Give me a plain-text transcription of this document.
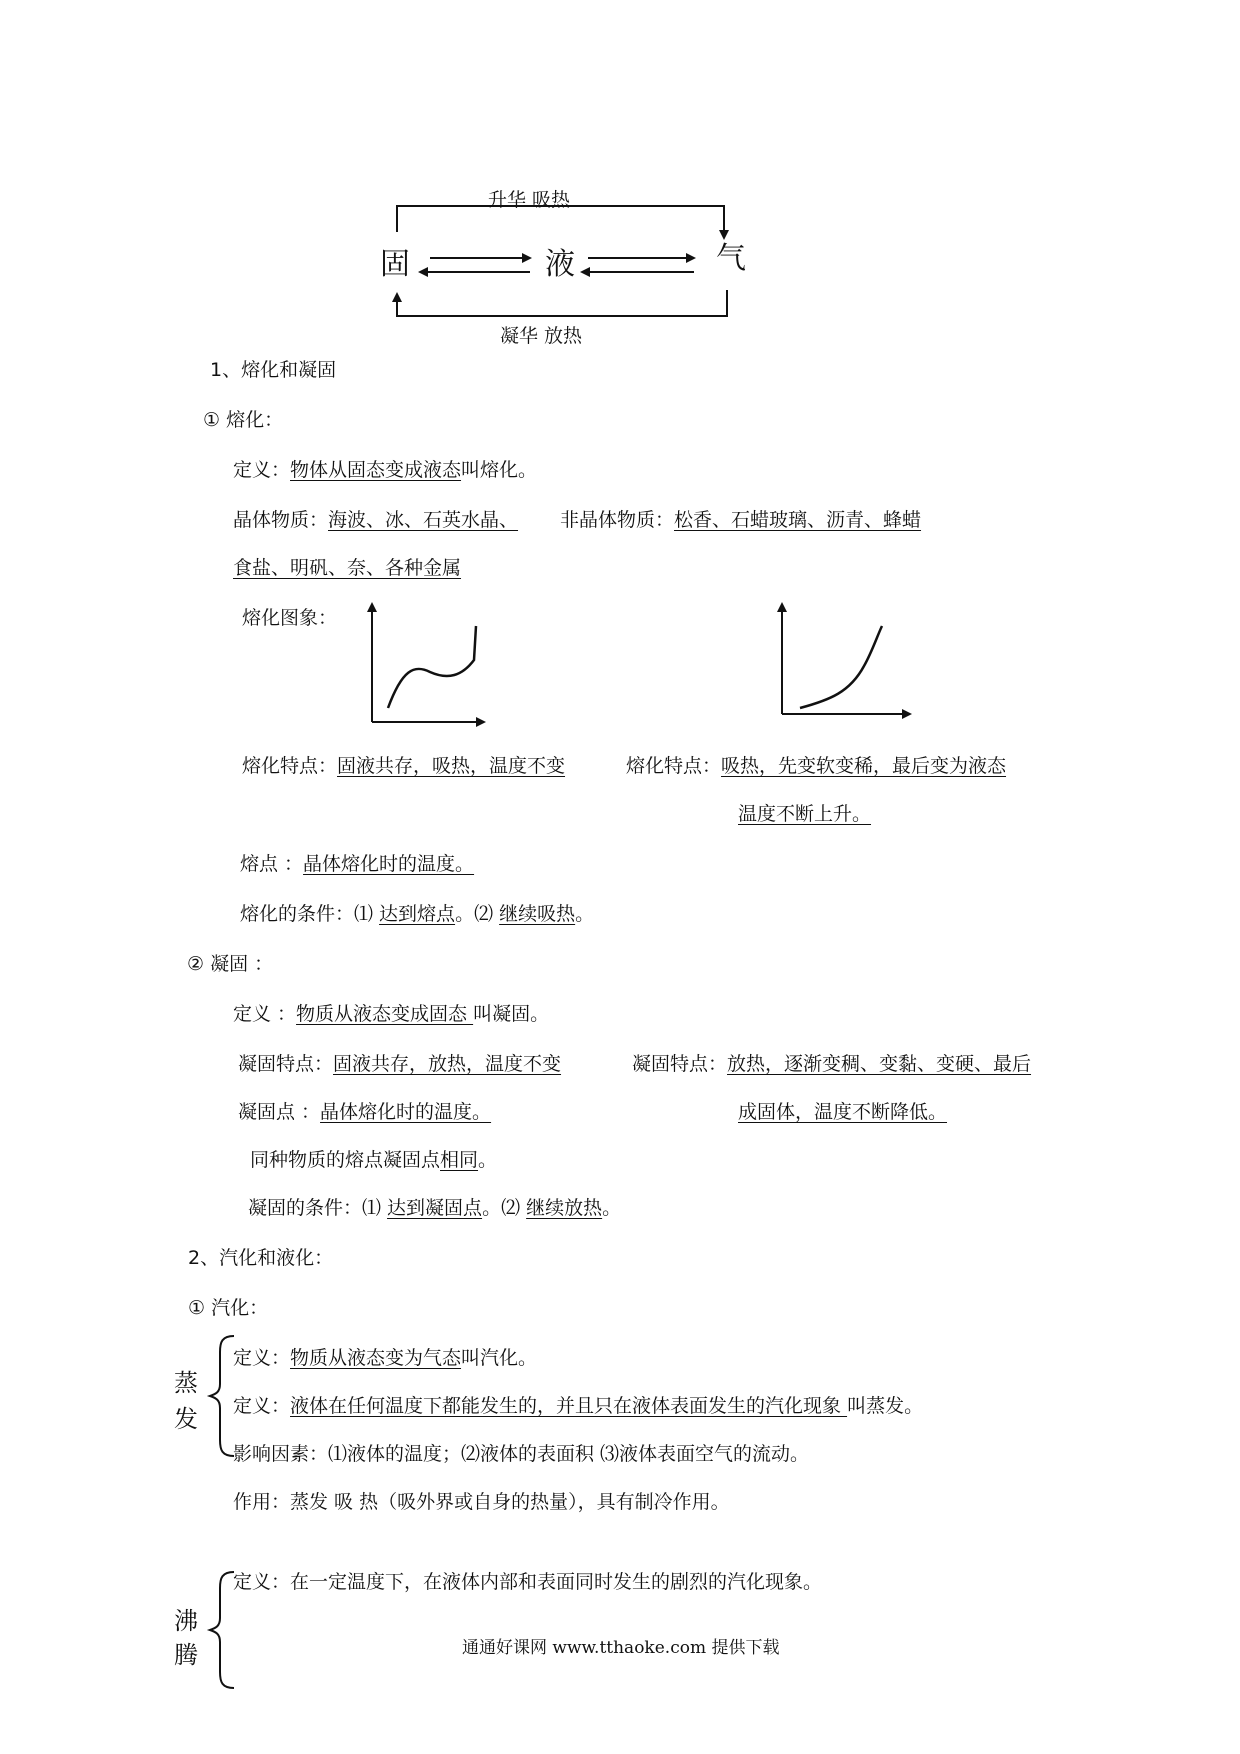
升华 吸热
固	液	气
凝华 放热
1、熔化和凝固
① 熔化：
定义：物体从固态变成液态叫熔化。
晶体物质：海波、冰、石英水晶、 非晶体物质：松香、石蜡玻璃、沥青、蜂蜡
食盐、明矾、奈、各种金属
熔化图象：
熔化特点：固液共存，吸热，温度不变	熔化特点：吸热，先变软变稀，最后变为液态
温度不断上升。
熔点 ：晶体熔化时的温度。
熔化的条件：⑴ 达到熔点。⑵ 继续吸热。
② 凝固 ：
定义 ：物质从液态变成固态 叫凝固。
凝固特点：固液共存，放热，温度不变	凝固特点：放热，逐渐变稠、变黏、变硬、最后
凝固点 ：晶体熔化时的温度。	成固体，温度不断降低。
同种物质的熔点凝固点相同。
凝固的条件：⑴ 达到凝固点。⑵ 继续放热。
2、汽化和液化：
① 汽化：
定义：物质从液态变为气态叫汽化。
蒸
发 定义：液体在任何温度下都能发生的，并且只在液体表面发生的汽化现象 叫蒸发。
影响因素：⑴液体的温度；⑵液体的表面积 ⑶液体表面空气的流动。
作用：蒸发 吸 热（吸外界或自身的热量），具有制冷作用。
定义：在一定温度下，在液体内部和表面同时发生的剧烈的汽化现象。
沸
腾	通通好课网 www.tthaoke.com 提供下载
